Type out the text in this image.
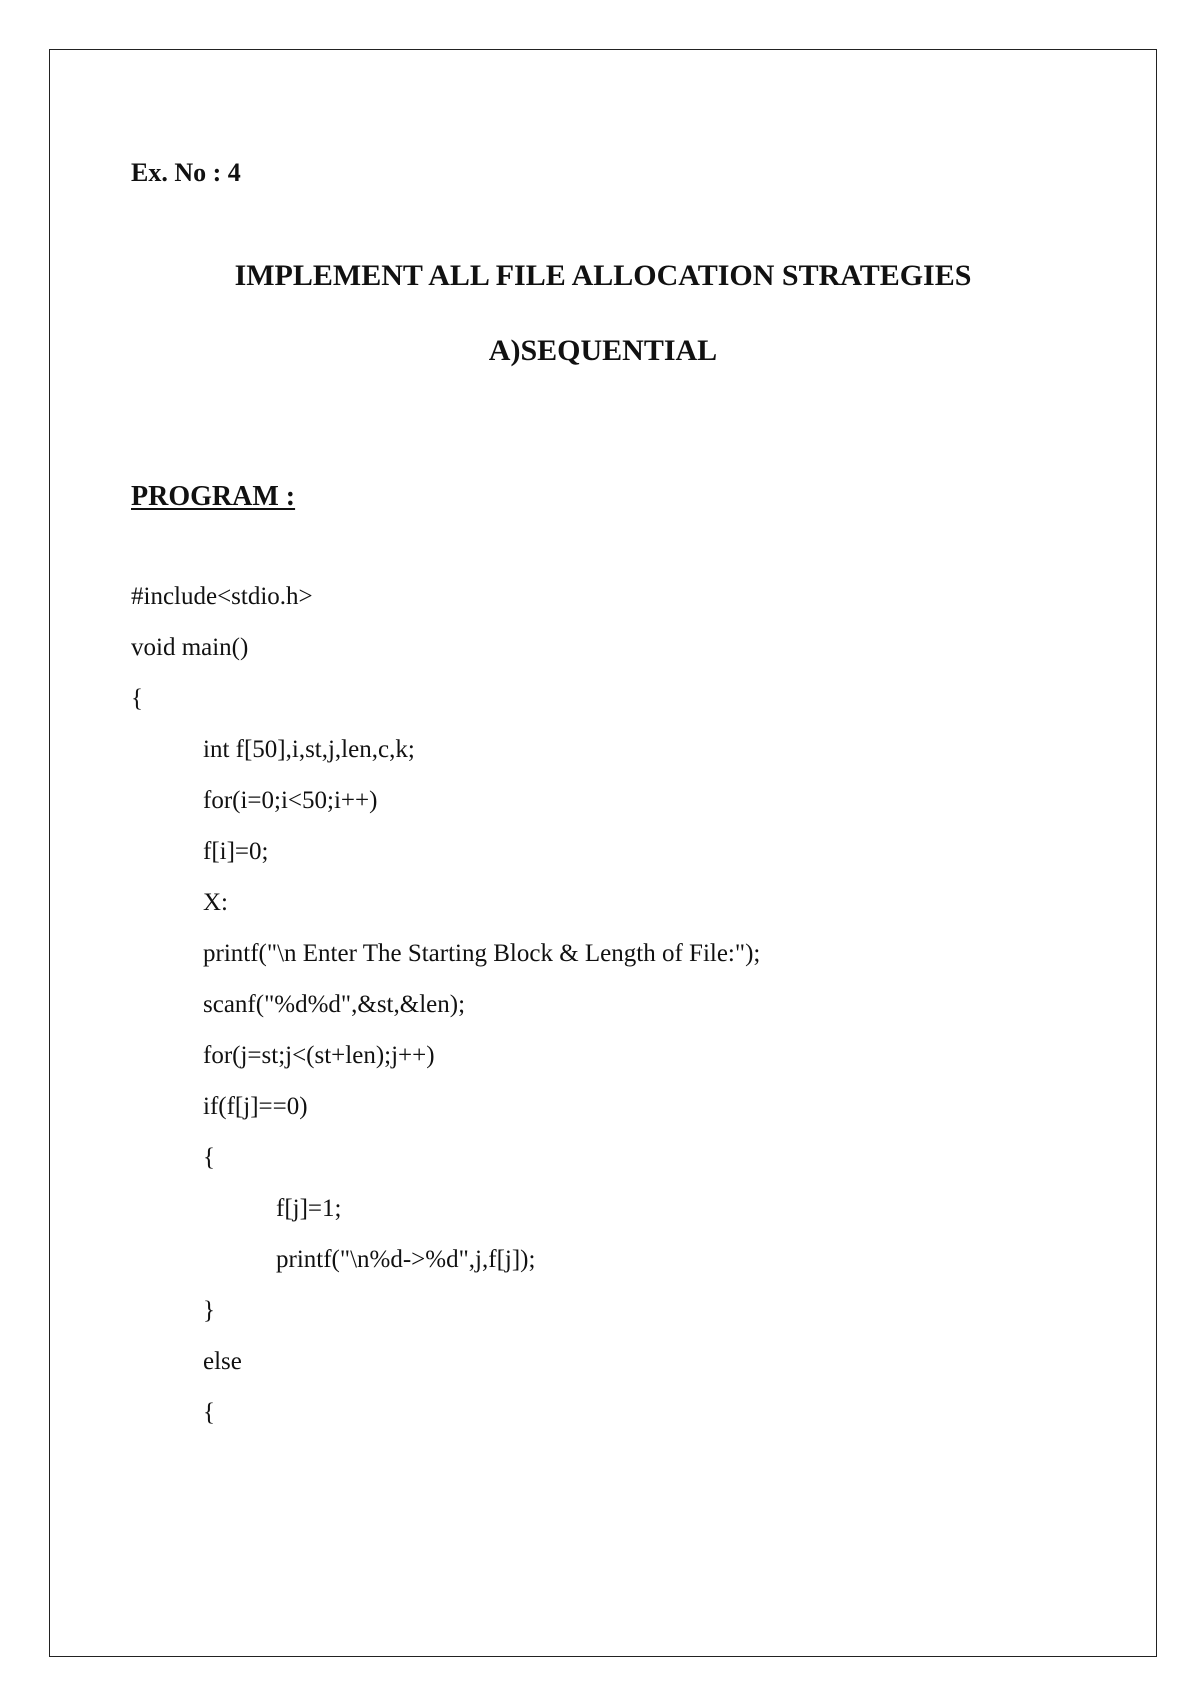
Ex. No : 4

IMPLEMENT ALL FILE ALLOCATION STRATEGIES
A)SEQUENTIAL

PROGRAM :

#include<stdio.h>
void main()
{
int f[50],i,st,j,len,c,k;
for(i=0;i<50;i++)
f[i]=0;
X:
printf("\n Enter The Starting Block & Length of File:");
scanf("%d%d",&st,&len);
for(j=st;j<(st+len);j++)
if(f[j]==0)
{
f[j]=1;
printf("\n%d->%d",j,f[j]);
}
else
{
